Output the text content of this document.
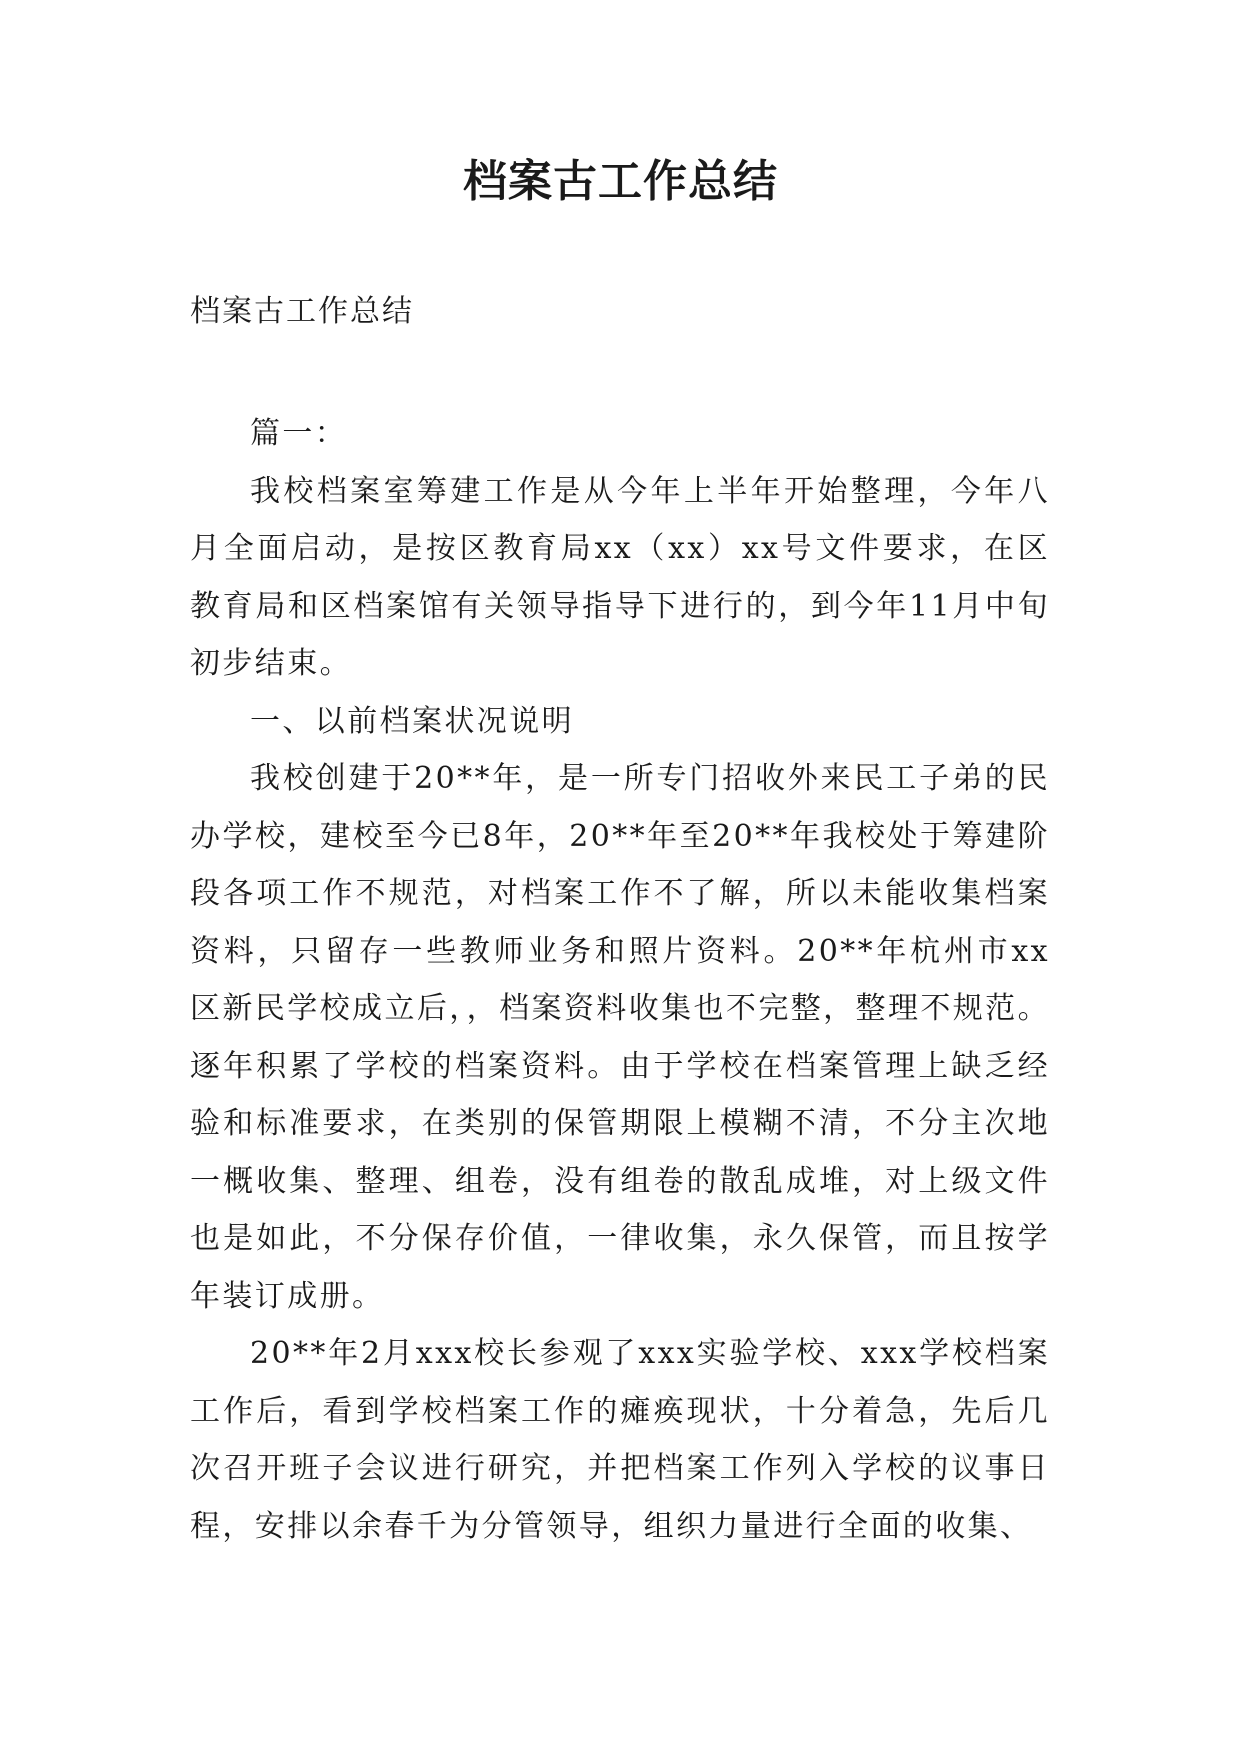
档案古工作总结

档案古工作总结

篇一：

我校档案室筹建工作是从今年上半年开始整理，今年八月全面启动，是按区教育局xx（xx）xx号文件要求，在区教育局和区档案馆有关领导指导下进行的，到今年11月中旬初步结束。

一、以前档案状况说明

我校创建于20**年，是一所专门招收外来民工子弟的民办学校，建校至今已8年，20**年至20**年我校处于筹建阶段各项工作不规范，对档案工作不了解，所以未能收集档案资料，只留存一些教师业务和照片资料。20**年杭州市xx区新民学校成立后，，档案资料收集也不完整，整理不规范。逐年积累了学校的档案资料。由于学校在档案管理上缺乏经验和标准要求，在类别的保管期限上模糊不清，不分主次地一概收集、整理、组卷，没有组卷的散乱成堆，对上级文件也是如此，不分保存价值，一律收集，永久保管，而且按学年装订成册。

20**年2月xxx校长参观了xxx实验学校、xxx学校档案工作后，看到学校档案工作的瘫痪现状，十分着急，先后几次召开班子会议进行研究，并把档案工作列入学校的议事日程，安排以余春千为分管领导，组织力量进行全面的收集、
